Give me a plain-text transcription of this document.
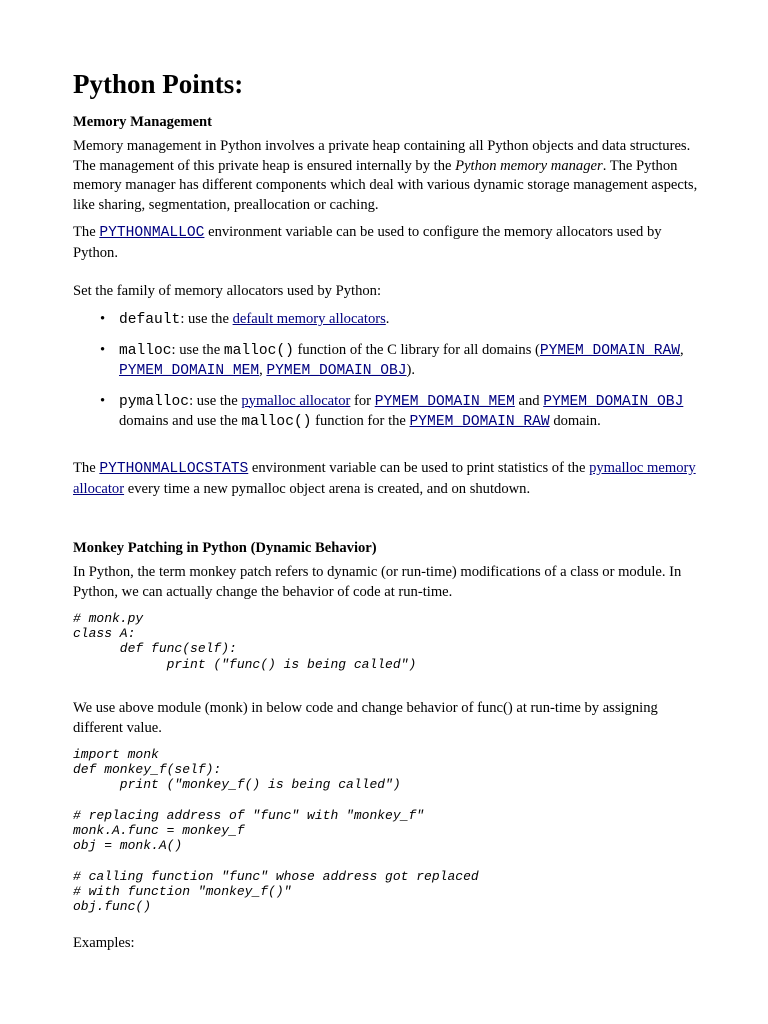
Python Points:
Memory Management

Memory management in Python involves a private heap containing all Python objects and data structures. The management of this private heap is ensured internally by the Python memory manager. The Python memory manager has different components which deal with various dynamic storage management aspects, like sharing, segmentation, preallocation or caching.

The PYTHONMALLOC environment variable can be used to configure the memory allocators used by Python.

Set the family of memory allocators used by Python:

• default: use the default memory allocators.
• malloc: use the malloc() function of the C library for all domains (PYMEM_DOMAIN_RAW, PYMEM_DOMAIN_MEM, PYMEM_DOMAIN_OBJ).
• pymalloc: use the pymalloc allocator for PYMEM_DOMAIN_MEM and PYMEM_DOMAIN_OBJ domains and use the malloc() function for the PYMEM_DOMAIN_RAW domain.

The PYTHONMALLOCSTATS environment variable can be used to print statistics of the pymalloc memory allocator every time a new pymalloc object arena is created, and on shutdown.

Monkey Patching in Python (Dynamic Behavior)

In Python, the term monkey patch refers to dynamic (or run-time) modifications of a class or module. In Python, we can actually change the behavior of code at run-time.

# monk.py
class A:
def func(self):
print ("func() is being called")

We use above module (monk) in below code and change behavior of func() at run-time by assigning different value.

import monk
def monkey_f(self):
print ("monkey_f() is being called")

# replacing address of "func" with "monkey_f"
monk.A.func = monkey_f
obj = monk.A()

# calling function "func" whose address got replaced
# with function "monkey_f()"
obj.func()

Examples:
